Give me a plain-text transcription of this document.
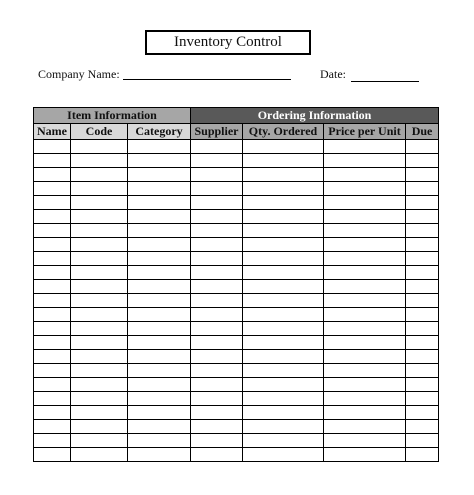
Inventory Control
Company Name:	Date:
Item Information			Ordering Information			
Name	Code	Category	Supplier	Qty. Ordered	Price per Unit	Due
